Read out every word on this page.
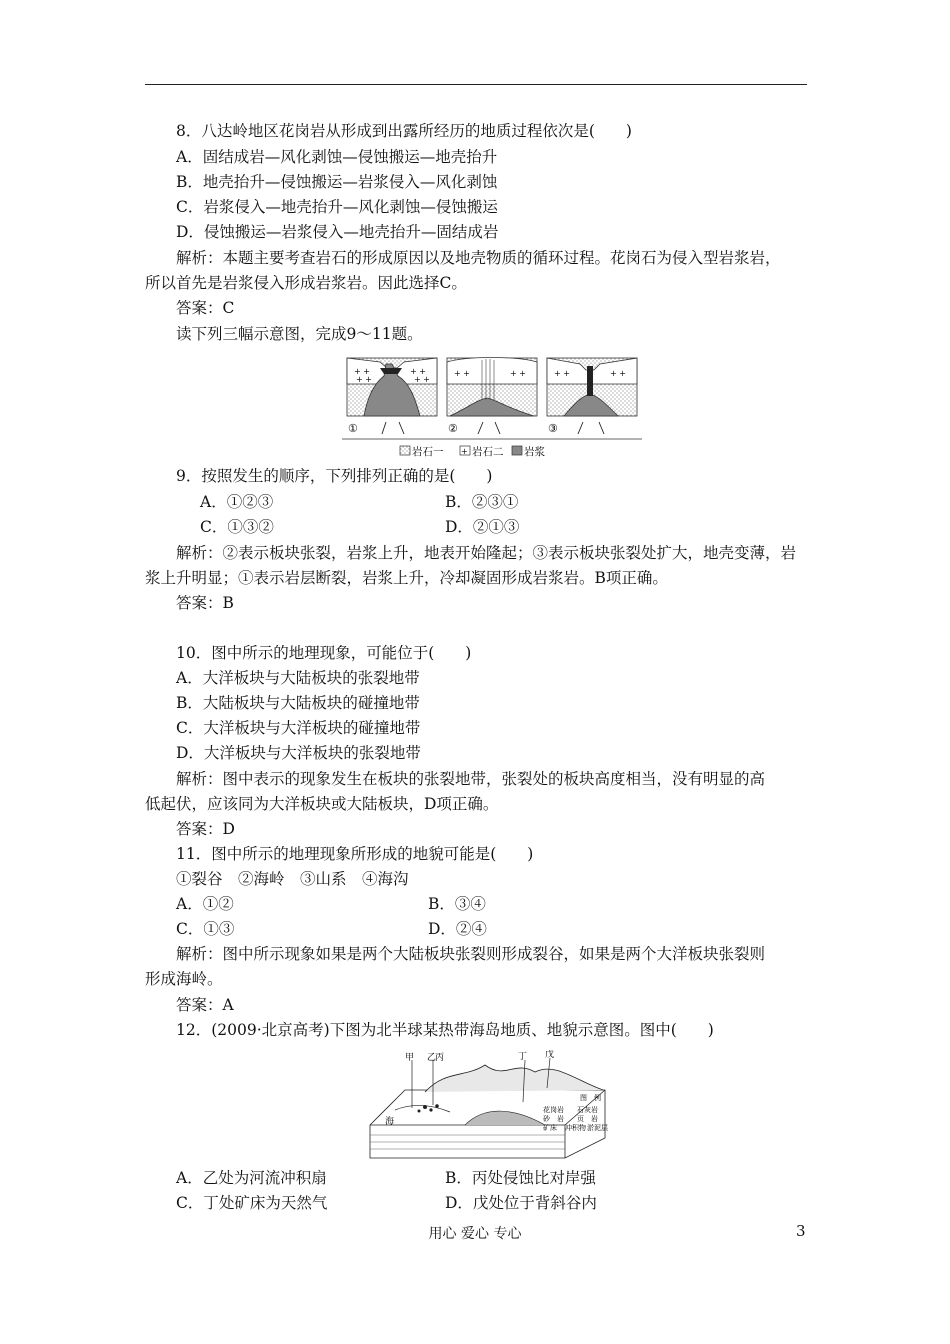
8．八达岭地区花岗岩从形成到出露所经历的地质过程依次是(　　)
A．固结成岩—风化剥蚀—侵蚀搬运—地壳抬升
B．地壳抬升—侵蚀搬运—岩浆侵入—风化剥蚀
C．岩浆侵入—地壳抬升—风化剥蚀—侵蚀搬运
D．侵蚀搬运—岩浆侵入—地壳抬升—固结成岩
解析：本题主要考查岩石的形成原因以及地壳物质的循环过程。花岗石为侵入型岩浆岩，
所以首先是岩浆侵入形成岩浆岩。因此选择C。
答案：C
读下列三幅示意图，完成9～11题。
+ +
+ +
+ +
+ +
+ +	+ +	+ +	+ +
①	②	③
岩石一 + 岩石二 岩浆
9．按照发生的顺序，下列排列正确的是(　　)
A．①②③	B．②③①
C．①③②	D．②①③
解析：②表示板块张裂，岩浆上升，地表开始隆起；③表示板块张裂处扩大，地壳变薄，岩
浆上升明显；①表示岩层断裂，岩浆上升，冷却凝固形成岩浆岩。B项正确。
答案：B
10．图中所示的地理现象，可能位于(　　)
A．大洋板块与大陆板块的张裂地带
B．大陆板块与大陆板块的碰撞地带
C．大洋板块与大洋板块的碰撞地带
D．大洋板块与大洋板块的张裂地带
解析：图中表示的现象发生在板块的张裂地带，张裂处的板块高度相当，没有明显的高
低起伏，应该同为大洋板块或大陆板块，D项正确。
答案：D
11．图中所示的地理现象所形成的地貌可能是(　　)
①裂谷　②海岭　③山系　④海沟
A．①②	B．③④
C．①③	D．②④
解析：图中所示现象如果是两个大陆板块张裂则形成裂谷，如果是两个大洋板块张裂则
形成海岭。
答案：A
12．(2009·北京高考)下图为北半球某热带海岛地质、地貌示意图。图中(　　)
甲 乙
丙	丁 戊
海
图　例
花岗岩 石灰岩
砂　岩 页　岩
矿床 冲积物 淤泥层
A．乙处为河流冲积扇	B．丙处侵蚀比对岸强
C．丁处矿床为天然气	D．戊处位于背斜谷内
用心 爱心 专心	3
